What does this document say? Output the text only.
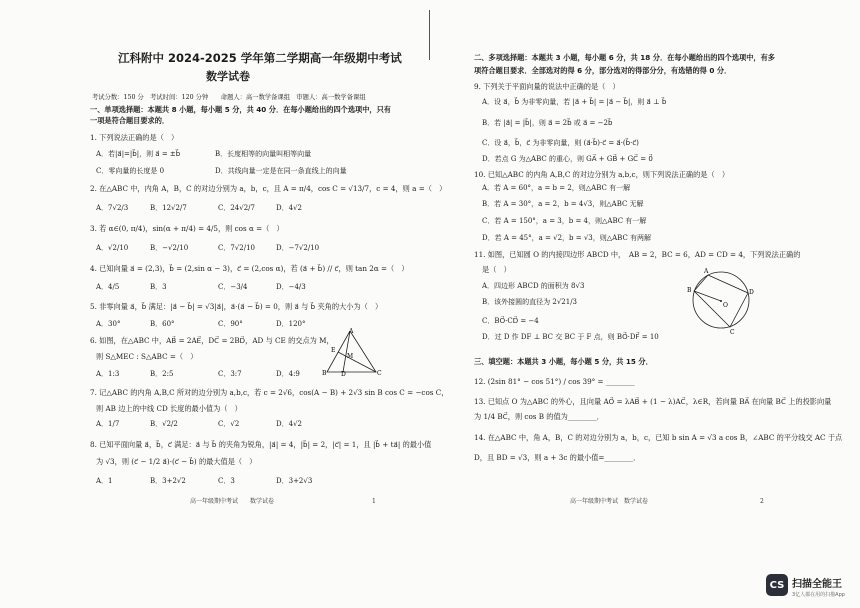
江科附中 2024-2025 学年第二学期高一年级期中考试
数学试卷
考试分数：150 分　考试时间：120 分钟　　命题人：高一数学备课组　审题人：高一数学备课组
一、单项选择题：本题共 8 小题，每小题 5 分，共 40 分．在每小题给出的四个选项中，只有
一项是符合题目要求的．
1. 下列说法正确的是（　）
A．若|a⃗|=|b⃗|，则 a⃗ = ±b⃗	B．长度相等的向量叫相等向量
C．零向量的长度是 0	D．共线向量一定是在同一条直线上的向量
2. 在△ABC 中，内角 A，B，C 的对边分别为 a，b，c，且 A = π/4，cos C = √13/7，c = 4，则 a =（　）
A．7√2/3	B．12√2/7	C．24√2/7	D．4√2
3. 若 α∈(0, π/4)，sin(α + π/4) = 4/5，则 cos α =（　）
A．√2/10	B．−√2/10	C．7√2/10	D．−7√2/10
4. 已知向量 a⃗ = (2,3)，b⃗ = (2,sin α − 3)，c⃗ = (2,cos α)，若 (a⃗ + b⃗) // c⃗，则 tan 2α =（　）
A．4/5	B．3	C．−3/4	D．−4/3
5. 非零向量 a⃗，b⃗ 满足：|a⃗ − b⃗| = √3|a⃗|，a⃗·(a⃗ − b⃗) = 0，则 a⃗ 与 b⃗ 夹角的大小为（　）
A．30°	B．60°	C．90°	D．120°
6. 如图，在△ABC 中，AB⃗ = 2AE⃗，DC⃗ = 2BD⃗，AD 与 CE 的交点为 M，
则 S△MEC : S△ABC =（　）
A．1:3	B．2:5	C．3:7	D．4:9
A
B	C
D
E
M
7. 记△ABC 的内角 A,B,C 所对的边分别为 a,b,c，若 c = 2√6，cos(A − B) + 2√3 sin B cos C = −cos C，
则 AB 边上的中线 CD 长度的最小值为（　）
A．1/7	B．√2/2	C．√2	D．4√2
8. 已知平面向量 a⃗，b⃗，c⃗ 满足：a⃗ 与 b⃗ 的夹角为锐角，|a⃗| = 4，|b⃗| = 2，|c⃗| = 1，且 |b⃗ + ta⃗| 的最小值
为 √3，则 (c⃗ − 1/2 a⃗)·(c⃗ − b⃗) 的最大值是（　）
A．1	B．3+2√2	C．3	D．3+2√3
高一年级期中考试　　数学试卷	1
二、多项选择题：本题共 3 小题，每小题 6 分，共 18 分．在每小题给出的四个选项中，有多
项符合题目要求．全部选对的得 6 分，部分选对的得部分分，有选错的得 0 分．
9. 下列关于平面向量的说法中正确的是（　）
A．设 a⃗，b⃗ 为非零向量，若 |a⃗ + b⃗| = |a⃗ − b⃗|，则 a⃗ ⊥ b⃗
B．若 |a⃗| = |b⃗|，则 a⃗ = 2b⃗ 或 a⃗ = −2b⃗
C．设 a⃗，b⃗，c⃗ 为非零向量，则 (a⃗·b⃗)·c⃗ = a⃗·(b⃗·c⃗)
D．若点 G 为△ABC 的重心，则 GA⃗ + GB⃗ + GC⃗ = 0⃗
10. 已知△ABC 的内角 A,B,C 的对边分别为 a,b,c，则下列说法正确的是（　）
A．若 A = 60°，a = b = 2，则△ABC 有一解
B．若 A = 30°，a = 2，b = 4√3，则△ABC 无解
C．若 A = 150°，a = 3，b = 4，则△ABC 有一解
D．若 A = 45°，a = √2，b = √3，则△ABC 有两解
11. 如图，已知圆 O 的内接四边形 ABCD 中，　AB = 2，BC = 6，AD = CD = 4，下列说法正确的
是（　）
A．四边形 ABCD 的面积为 8√3
B．该外接圆的直径为 2√21/3
C．BO⃗·CD⃗ = −4
D．过 D 作 DF ⊥ BC 交 BC 于 F 点，则 BO⃗·DF⃗ = 10
A
B
C
D
O
三、填空题：本题共 3 小题，每小题 5 分，共 15 分．
12. (2sin 81° − cos 51°) / cos 39° = ________
13. 已知点 O 为△ABC 的外心，且向量 AO⃗ = λAB⃗ + (1 − λ)AC⃗，λ∈R，若向量 BA⃗ 在向量 BC⃗ 上的投影向量
为 1/4 BC⃗，则 cos B 的值为________．
14. 在△ABC 中，角 A，B，C 的对边分别为 a，b，c，已知 b sin A = √3 a cos B，∠ABC 的平分线交 AC 于点
D，且 BD = √3，则 a + 3c 的最小值=________．
高一年级期中考试　数学试卷	2
CS 扫描全能王
3亿人都在用的扫描App
